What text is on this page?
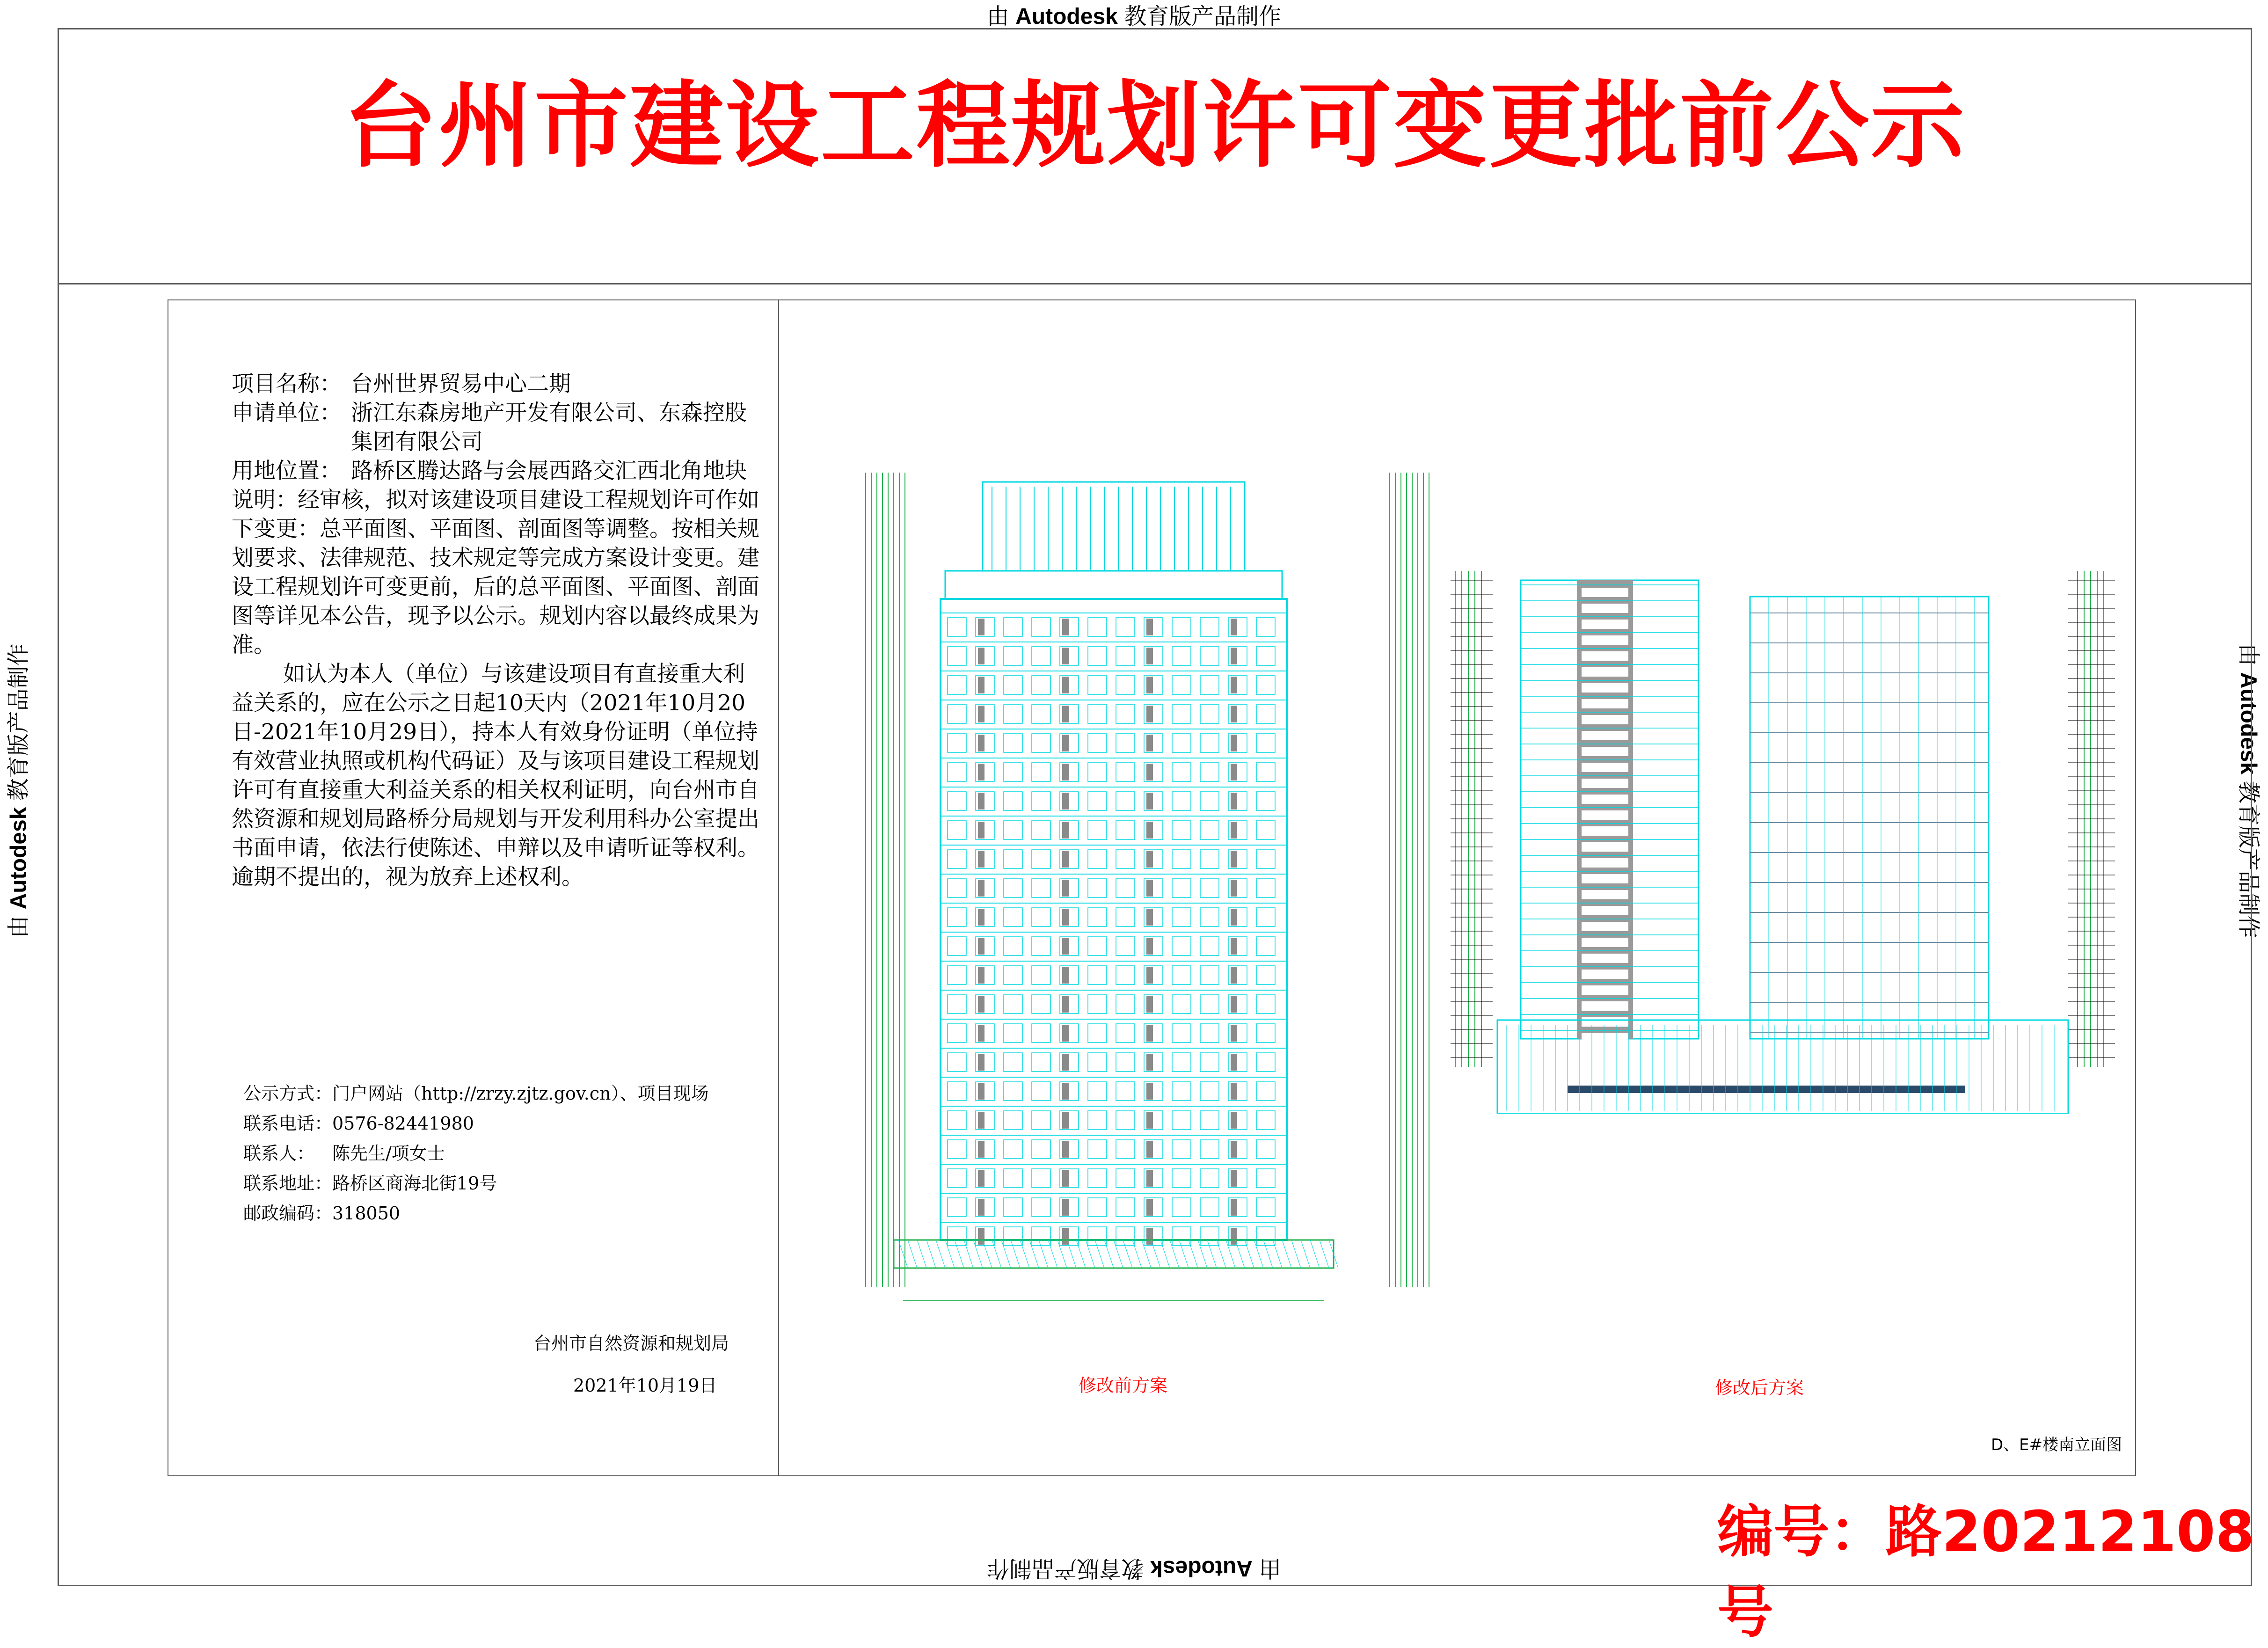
由 Autodesk 教育版产品制作
由 Autodesk 教育版产品制作
由 Autodesk 教育版产品制作	由 Autodesk 教育版产品制作
台州市建设工程规划许可变更批前公示
项目名称： 台州世界贸易中心二期
申请单位： 浙江东森房地产开发有限公司、东森控股集团有限公司
用地位置： 路桥区腾达路与会展西路交汇西北角地块
说明：经审核，拟对该建设项目建设工程规划许可作如下变更：总平面图、平面图、剖面图等调整。按相关规划要求、法律规范、技术规定等完成方案设计变更。建设工程规划许可变更前，后的总平面图、平面图、剖面图等详见本公告，现予以公示。规划内容以最终成果为准。
如认为本人（单位）与该建设项目有直接重大利益关系的，应在公示之日起10天内（2021年10月20日-2021年10月29日），持本人有效身份证明（单位持有效营业执照或机构代码证）及与该项目建设工程规划许可有直接重大利益关系的相关权利证明，向台州市自然资源和规划局路桥分局规划与开发利用科办公室提出书面申请，依法行使陈述、申辩以及申请听证等权利。逾期不提出的，视为放弃上述权利。
公示方式： 门户网站（http://zrzy.zjtz.gov.cn）、项目现场
联系电话： 0576-82441980
联系人： 陈先生/项女士
联系地址： 路桥区商海北街19号
邮政编码： 318050
台州市自然资源和规划局
2021年10月19日	修改前方案	修改后方案
D、E#楼南立面图
编号：路20212108号
